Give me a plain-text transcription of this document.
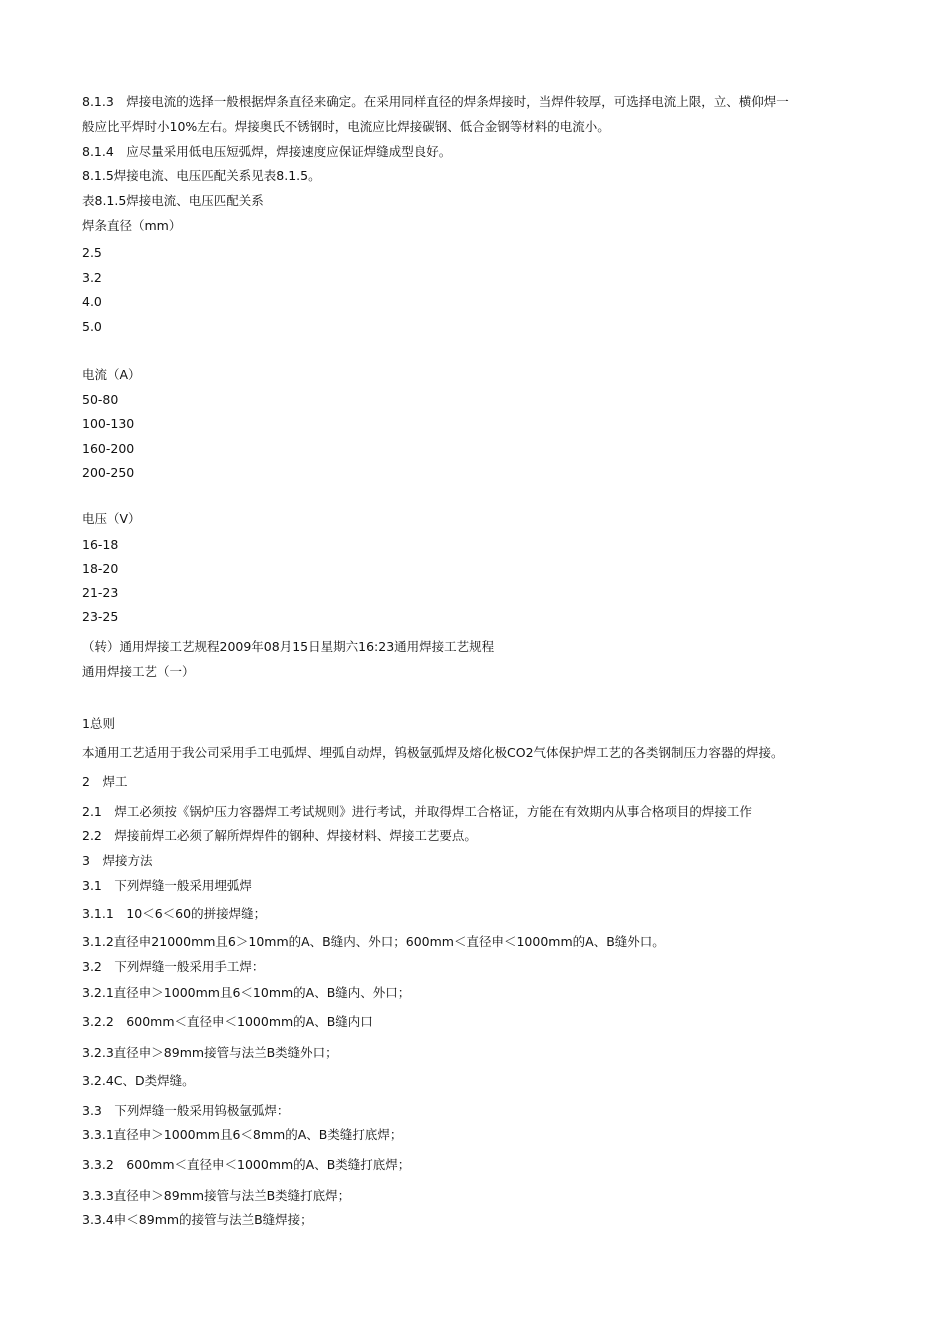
8.1.3　焊接电流的选择一般根据焊条直径来确定。在采用同样直径的焊条焊接时，当焊件较厚，可选择电流上限，立、横仰焊一
般应比平焊时小10%左右。焊接奥氏不锈钢时，电流应比焊接碳钢、低合金钢等材料的电流小。
8.1.4　应尽量采用低电压短弧焊，焊接速度应保证焊缝成型良好。
8.1.5焊接电流、电压匹配关系见表8.1.5。
表8.1.5焊接电流、电压匹配关系
焊条直径（mm）
2.5
3.2
4.0
5.0
电流（A）
50-80
100-130
160-200
200-250
电压（V）
16-18
18-20
21-23
23-25
（转）通用焊接工艺规程2009年08月15日星期六16:23通用焊接工艺规程
通用焊接工艺（一）
1总则
本通用工艺适用于我公司采用手工电弧焊、埋弧自动焊，钨极氩弧焊及熔化极CO2气体保护焊工艺的各类钢制压力容器的焊接。
2　焊工
2.1　焊工必须按《锅炉压力容器焊工考试规则》进行考试，并取得焊工合格证，方能在有效期内从事合格项目的焊接工作
2.2　焊接前焊工必须了解所焊焊件的钢种、焊接材料、焊接工艺要点。
3　焊接方法
3.1　下列焊缝一般采用埋弧焊
3.1.1　10＜6＜60的拼接焊缝；
3.1.2直径申21000mm且6＞10mm的A、B缝内、外口；600mm＜直径申＜1000mm的A、B缝外口。
3.2　下列焊缝一般采用手工焊：
3.2.1直径申＞1000mm且6＜10mm的A、B缝内、外口；
3.2.2　600mm＜直径申＜1000mm的A、B缝内口
3.2.3直径申＞89mm接管与法兰B类缝外口；
3.2.4C、D类焊缝。
3.3　下列焊缝一般采用钨极氩弧焊：
3.3.1直径申＞1000mm且6＜8mm的A、B类缝打底焊；
3.3.2　600mm＜直径申＜1000mm的A、B类缝打底焊；
3.3.3直径申＞89mm接管与法兰B类缝打底焊；
3.3.4申＜89mm的接管与法兰B缝焊接；
